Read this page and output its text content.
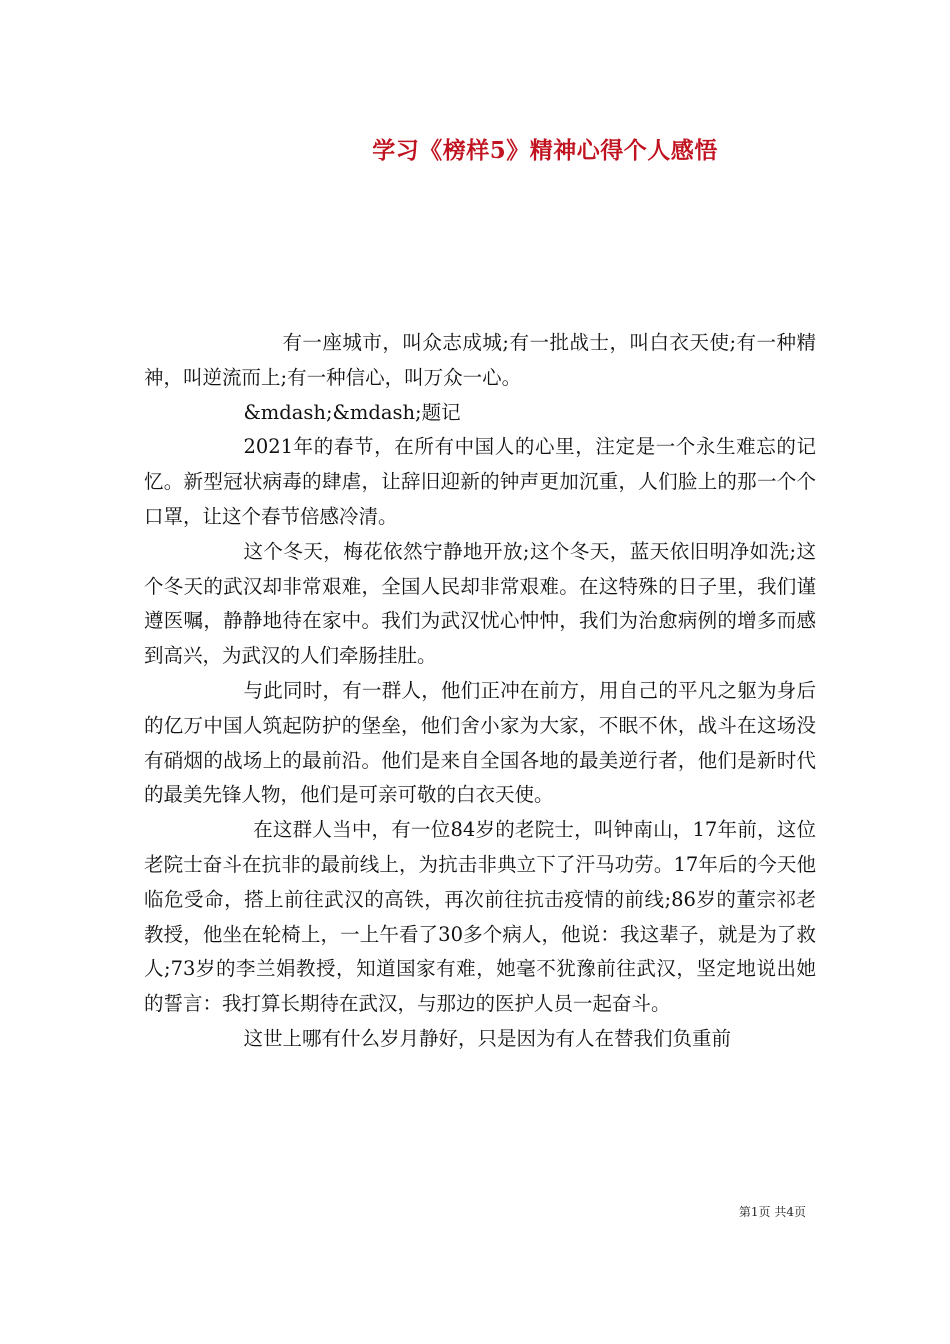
学习《榜样5》精神心得个人感悟

有一座城市，叫众志成城;有一批战士，叫白衣天使;有一种精神，叫逆流而上;有一种信心，叫万众一心。

&mdash;&mdash;题记

2021年的春节，在所有中国人的心里，注定是一个永生难忘的记忆。新型冠状病毒的肆虐，让辞旧迎新的钟声更加沉重，人们脸上的那一个个口罩，让这个春节倍感冷清。

这个冬天，梅花依然宁静地开放;这个冬天，蓝天依旧明净如洗;这个冬天的武汉却非常艰难，全国人民却非常艰难。在这特殊的日子里，我们谨遵医嘱，静静地待在家中。我们为武汉忧心忡忡，我们为治愈病例的增多而感到高兴，为武汉的人们牵肠挂肚。

与此同时，有一群人，他们正冲在前方，用自己的平凡之躯为身后的亿万中国人筑起防护的堡垒，他们舍小家为大家，不眠不休，战斗在这场没有硝烟的战场上的最前沿。他们是来自全国各地的最美逆行者，他们是新时代的最美先锋人物，他们是可亲可敬的白衣天使。

在这群人当中，有一位84岁的老院士，叫钟南山，17年前，这位老院士奋斗在抗非的最前线上，为抗击非典立下了汗马功劳。17年后的今天他临危受命，搭上前往武汉的高铁，再次前往抗击疫情的前线;86岁的董宗祁老教授，他坐在轮椅上，一上午看了30多个病人，他说：我这辈子，就是为了救人;73岁的李兰娟教授，知道国家有难，她毫不犹豫前往武汉，坚定地说出她的誓言：我打算长期待在武汉，与那边的医护人员一起奋斗。

这世上哪有什么岁月静好，只是因为有人在替我们负重前

第1页 共4页
